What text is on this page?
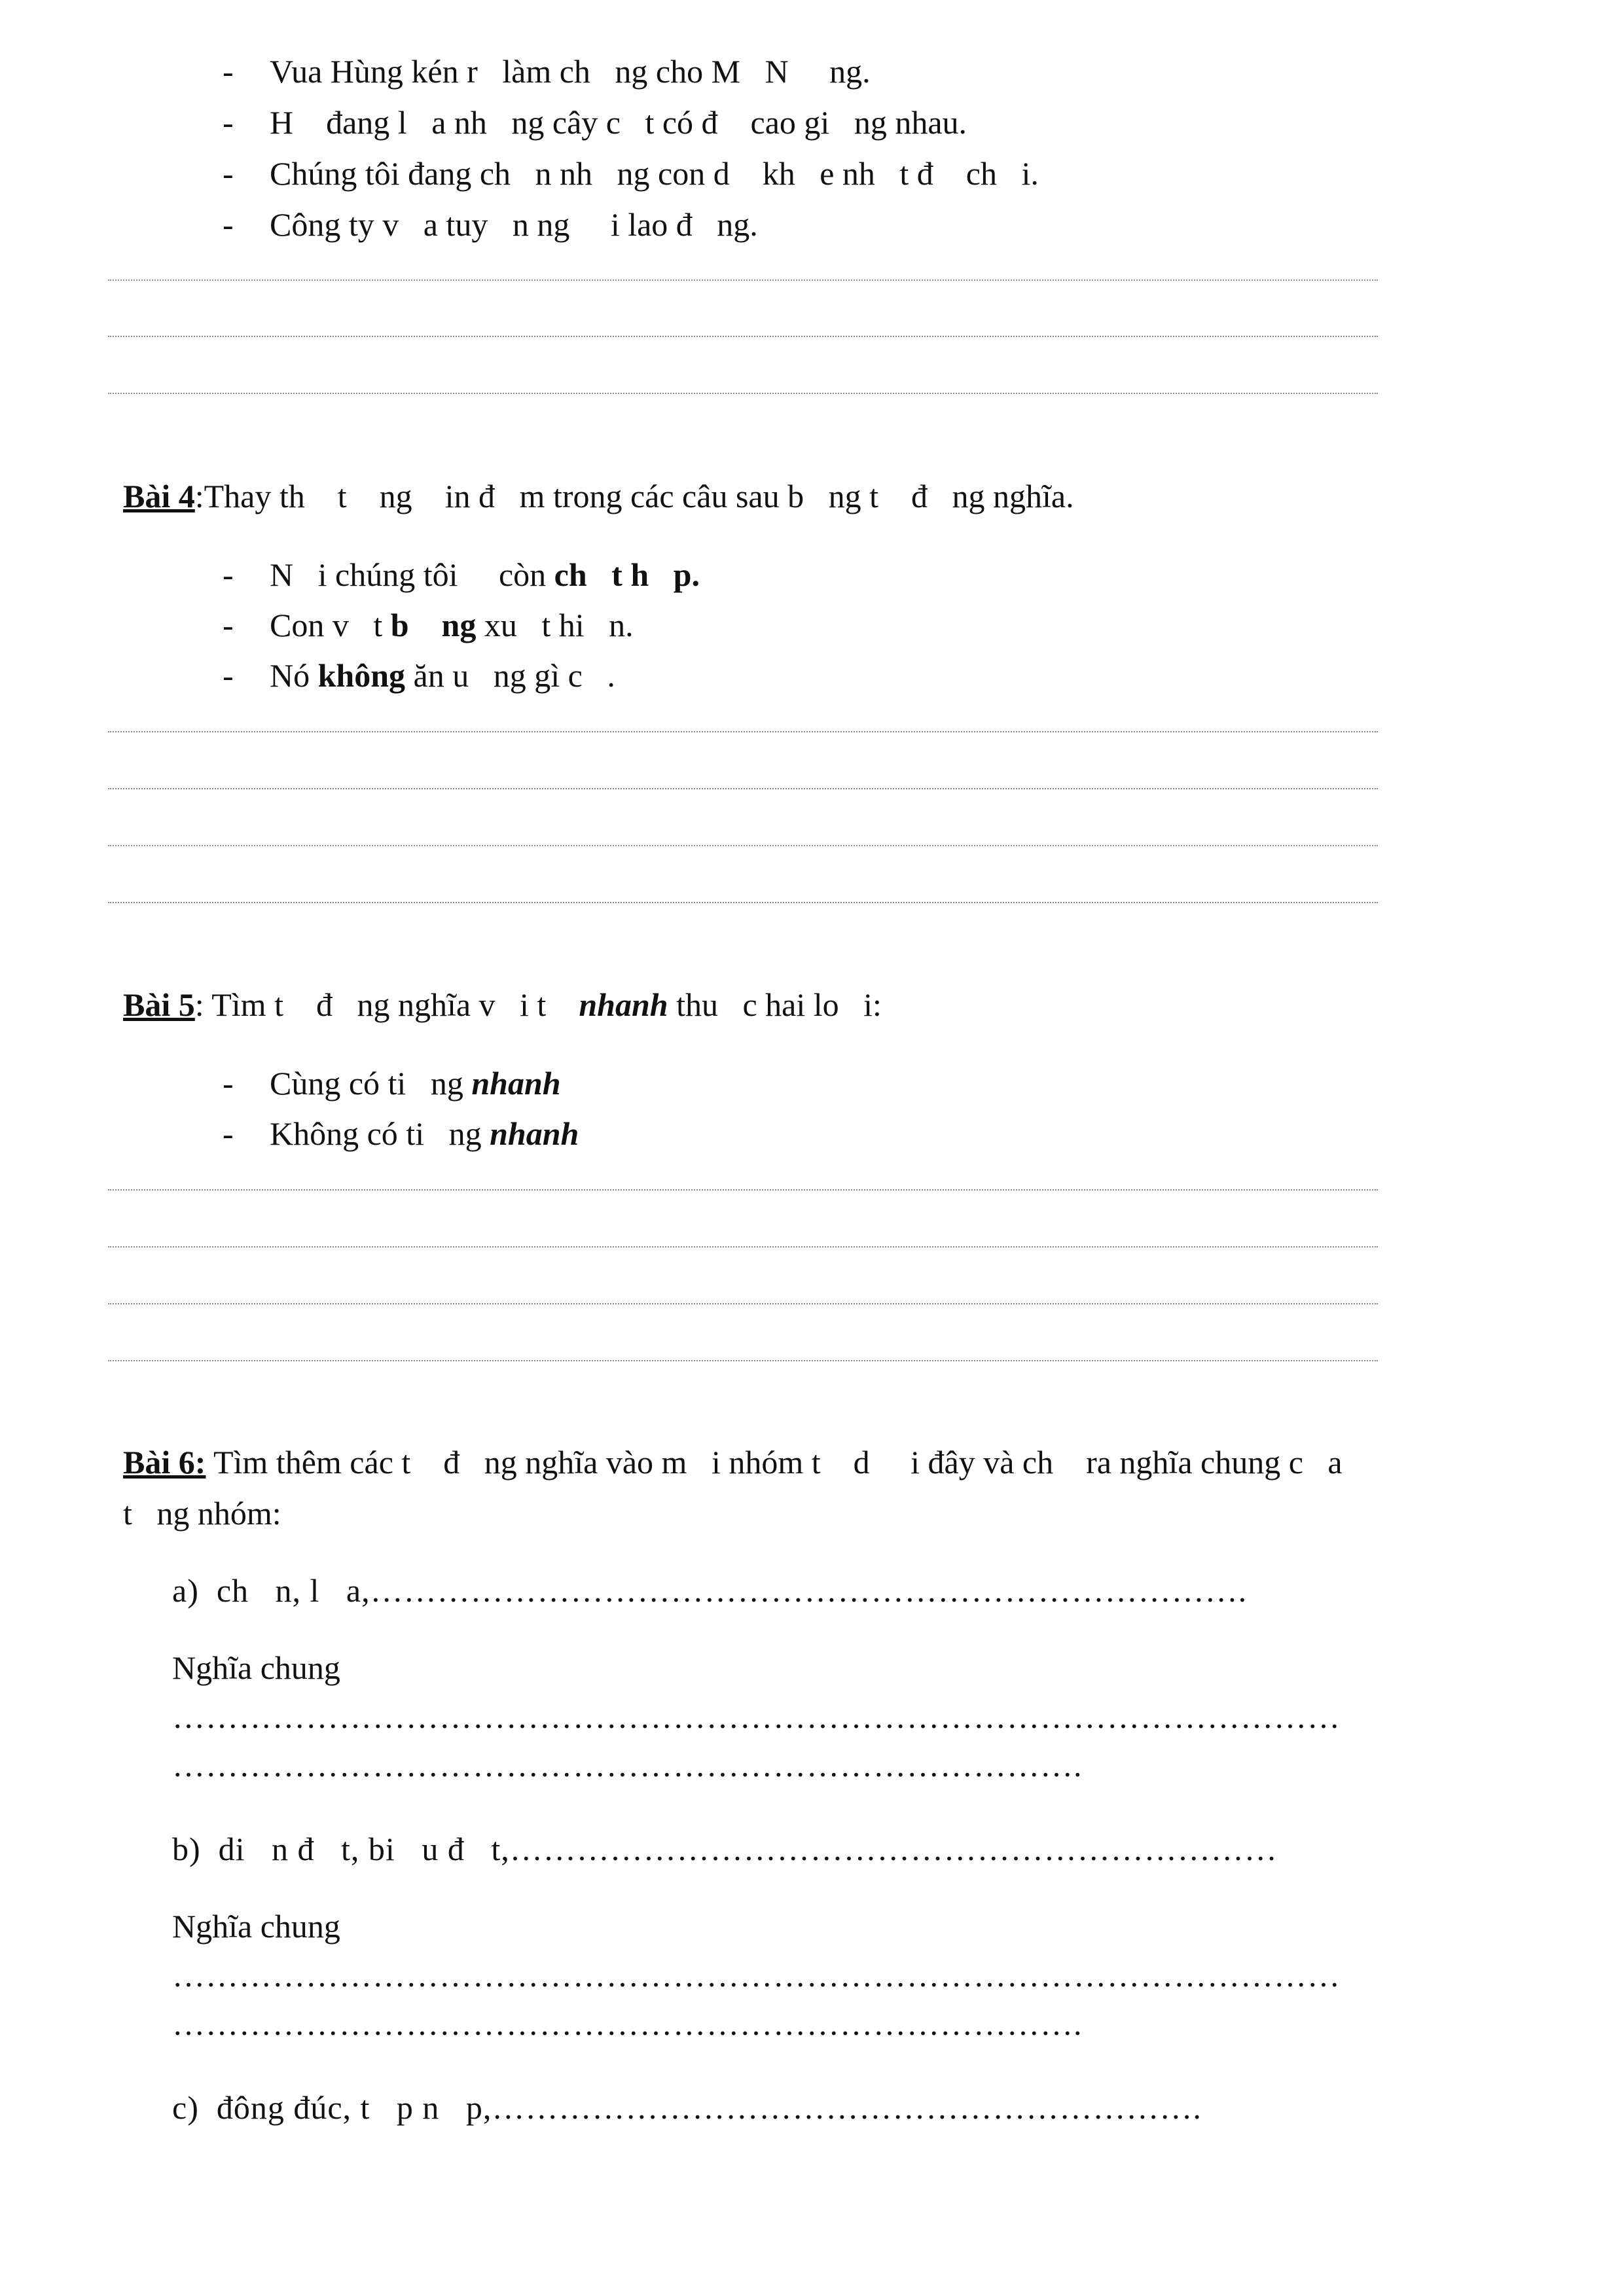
- Vua Hùng kén r   làm ch   ng cho M   N     ng.
- H    đang l   a nh   ng cây c   t có đ    cao gi   ng nhau.
- Chúng tôi đang ch   n nh   ng con d    kh   e nh   t đ    ch   i.
- Công ty v   a tuy   n ng     i lao đ   ng.
Bài 4:Thay th    t    ng    in đ   m trong các câu sau b   ng t    đ   ng nghĩa.
- N   i chúng tôi     còn ch   t h   p.
- Con v   t b    ng xu   t hi   n.
- Nó không ăn u   ng gì c   .
Bài 5: Tìm t    đ   ng nghĩa v   i t    nhanh thu   c hai lo   i:
- Cùng có ti   ng nhanh
- Không có ti   ng nhanh
Bài 6: Tìm thêm các t    đ   ng nghĩa vào m   i nhóm t    d     i đây và ch    ra nghĩa chung c   a
t   ng nhóm:
a)  ch   n, l   a,…………………………………………………………………….
Nghĩa chung
……………………………………………………………………………………………
……………………………………………………………………….
b)  di   n đ   t, bi   u đ   t,……………………………………………………………
Nghĩa chung
……………………………………………………………………………………………
……………………………………………………………………….
c)  đông đúc, t   p n   p,……………………………………………………….
